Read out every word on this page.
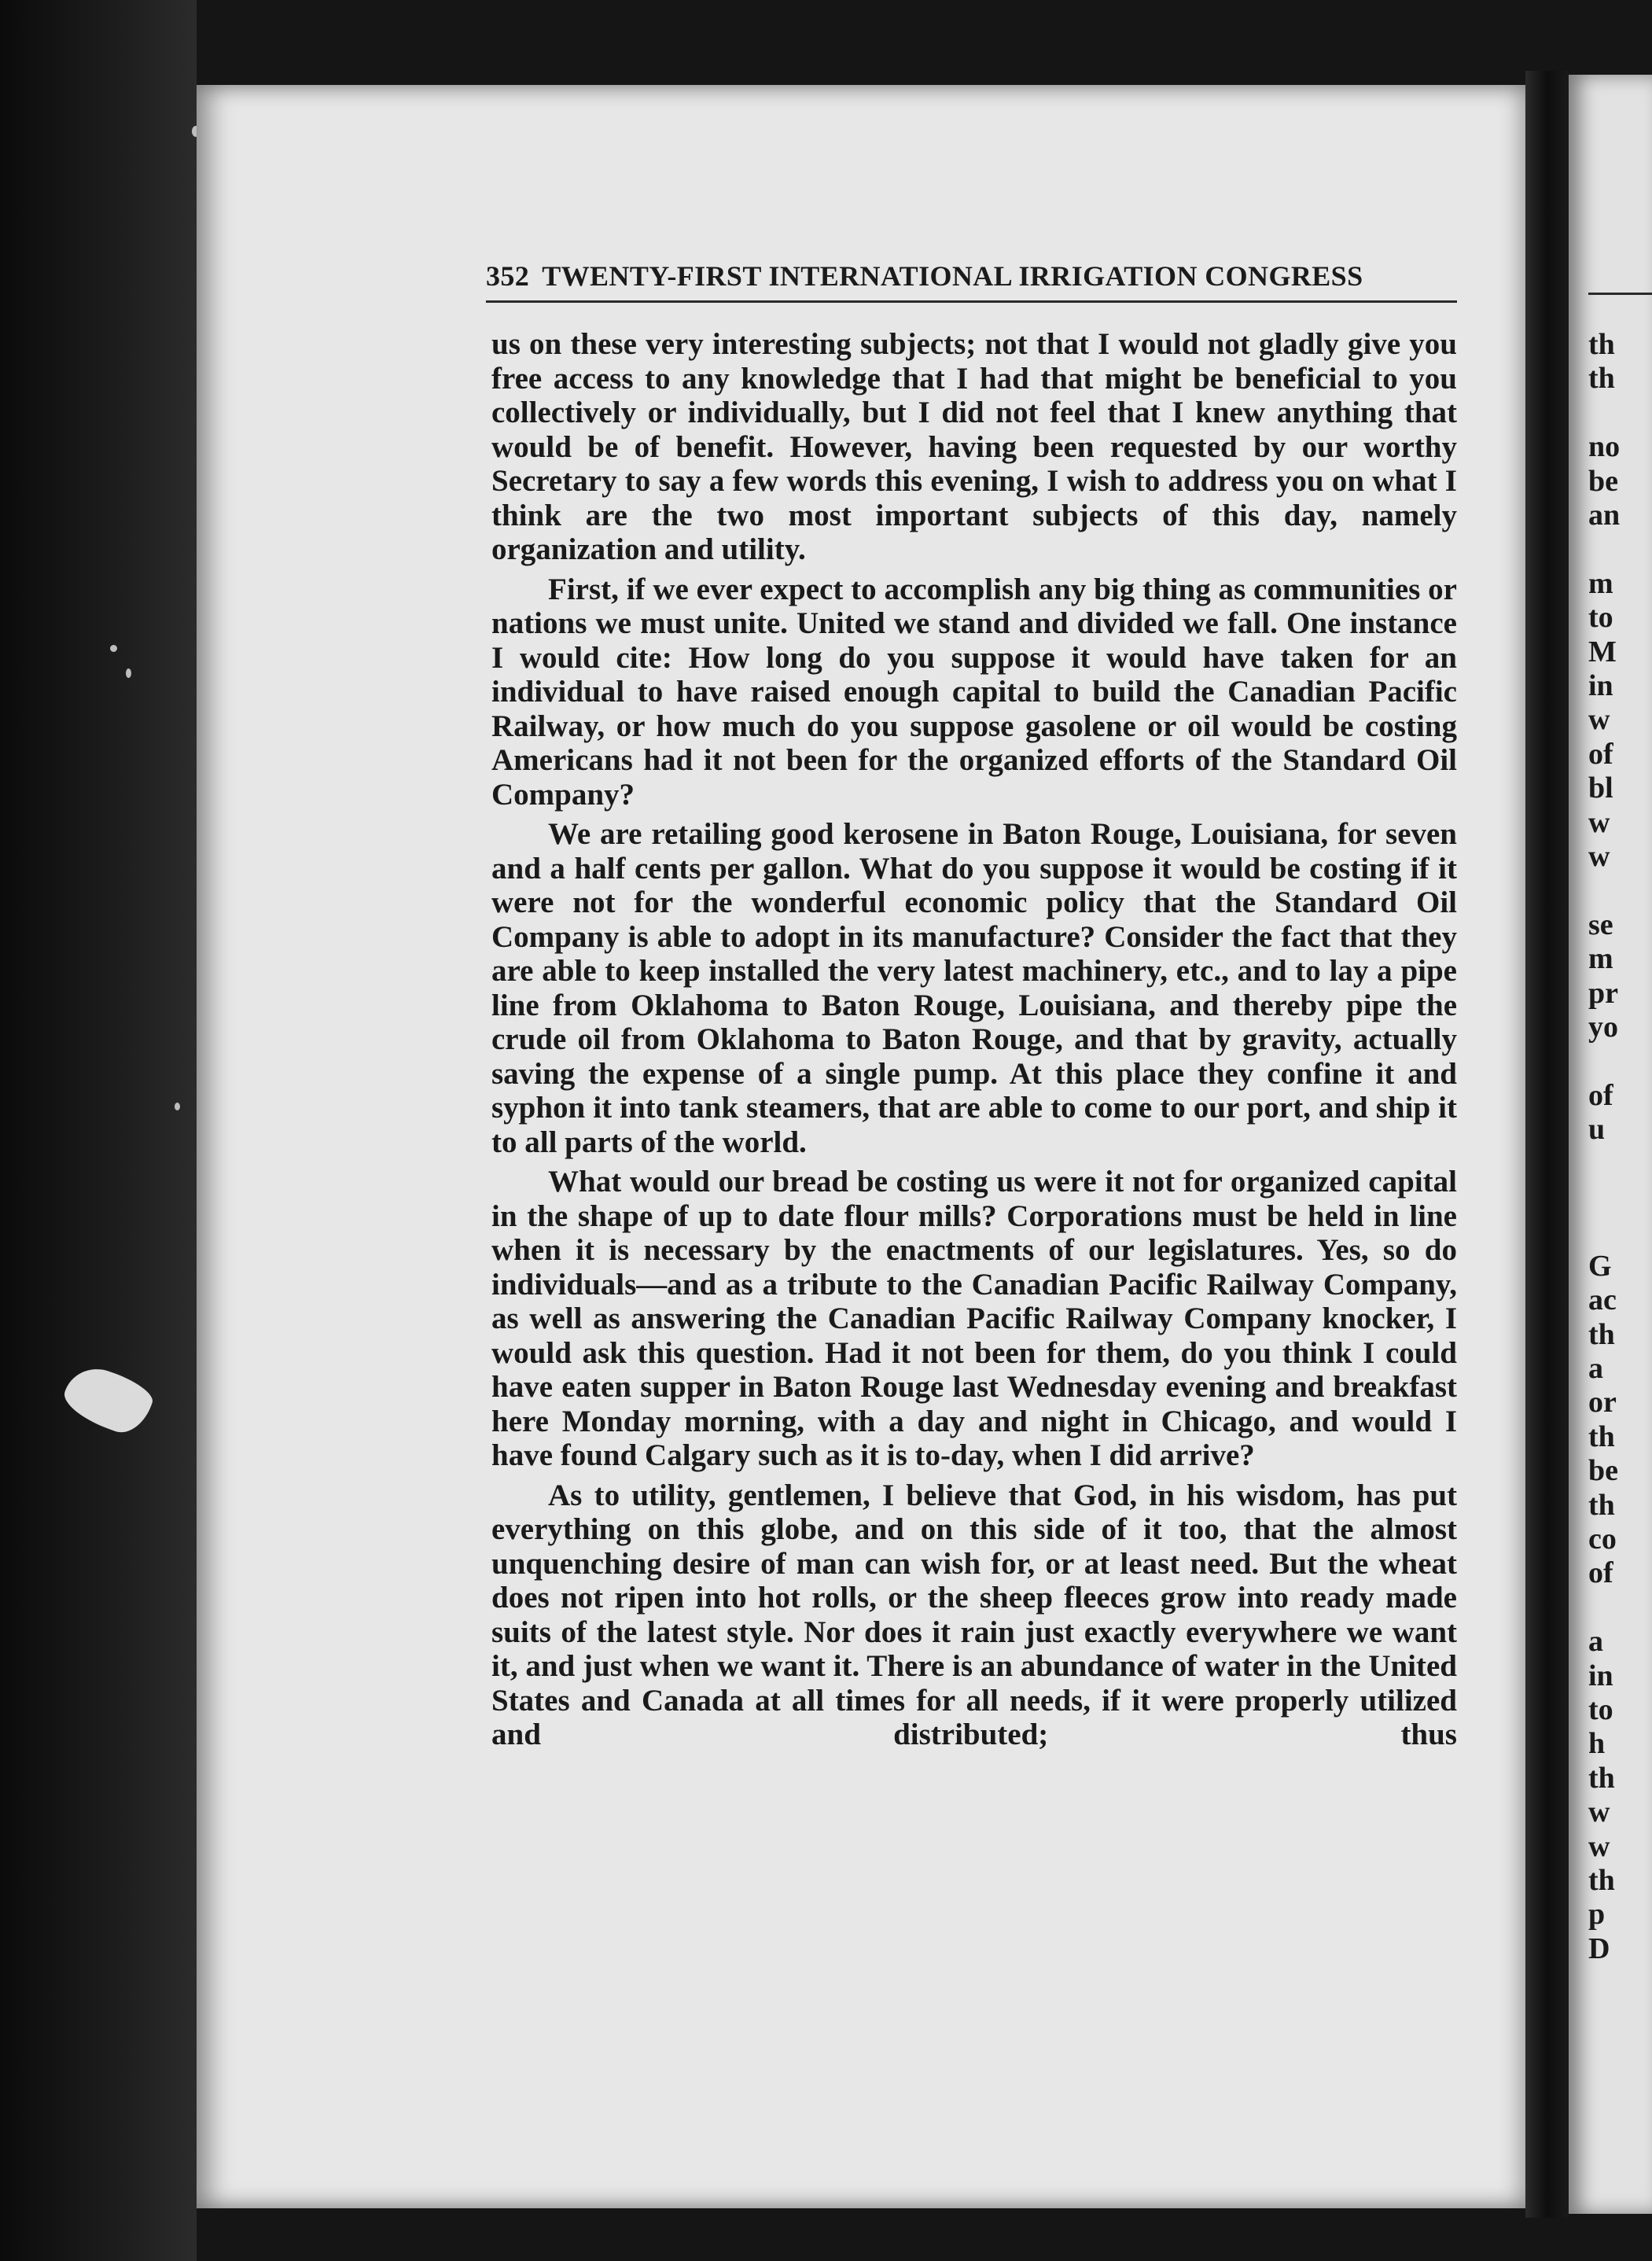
352 TWENTY-FIRST INTERNATIONAL IRRIGATION CONGRESS

us on these very interesting subjects; not that I would not gladly give you free access to any knowledge that I had that might be beneficial to you collectively or individually, but I did not feel that I knew anything that would be of benefit. However, having been requested by our worthy Secretary to say a few words this evening, I wish to address you on what I think are the two most important subjects of this day, namely organization and utility.

First, if we ever expect to accomplish any big thing as communities or nations we must unite. United we stand and divided we fall. One instance I would cite: How long do you suppose it would have taken for an individual to have raised enough capital to build the Canadian Pacific Railway, or how much do you suppose gasolene or oil would be costing Americans had it not been for the organized efforts of the Standard Oil Company?

We are retailing good kerosene in Baton Rouge, Louisiana, for seven and a half cents per gallon. What do you suppose it would be costing if it were not for the wonderful economic policy that the Standard Oil Company is able to adopt in its manufacture? Consider the fact that they are able to keep installed the very latest machinery, etc., and to lay a pipe line from Oklahoma to Baton Rouge, Louisiana, and thereby pipe the crude oil from Oklahoma to Baton Rouge, and that by gravity, actually saving the expense of a single pump. At this place they confine it and syphon it into tank steamers, that are able to come to our port, and ship it to all parts of the world.

What would our bread be costing us were it not for organized capital in the shape of up to date flour mills? Corporations must be held in line when it is necessary by the enactments of our legislatures. Yes, so do individuals—and as a tribute to the Canadian Pacific Railway Company, as well as answering the Canadian Pacific Railway Company knocker, I would ask this question. Had it not been for them, do you think I could have eaten supper in Baton Rouge last Wednesday evening and breakfast here Monday morning, with a day and night in Chicago, and would I have found Calgary such as it is to-day, when I did arrive?

As to utility, gentlemen, I believe that God, in his wisdom, has put everything on this globe, and on this side of it too, that the almost unquenching desire of man can wish for, or at least need. But the wheat does not ripen into hot rolls, or the sheep fleeces grow into ready made suits of the latest style. Nor does it rain just exactly everywhere we want it, and just when we want it. There is an abundance of water in the United States and Canada at all times for all needs, if it were properly utilized and distributed; thus

th
th
no
be
an
m
to
M
in
w
of
bl
w
w
se
m
pr
yo
of
u
G
ac
th
a
or
th
be
th
co
of
a
in
to
h
th
w
w
th
p
D
